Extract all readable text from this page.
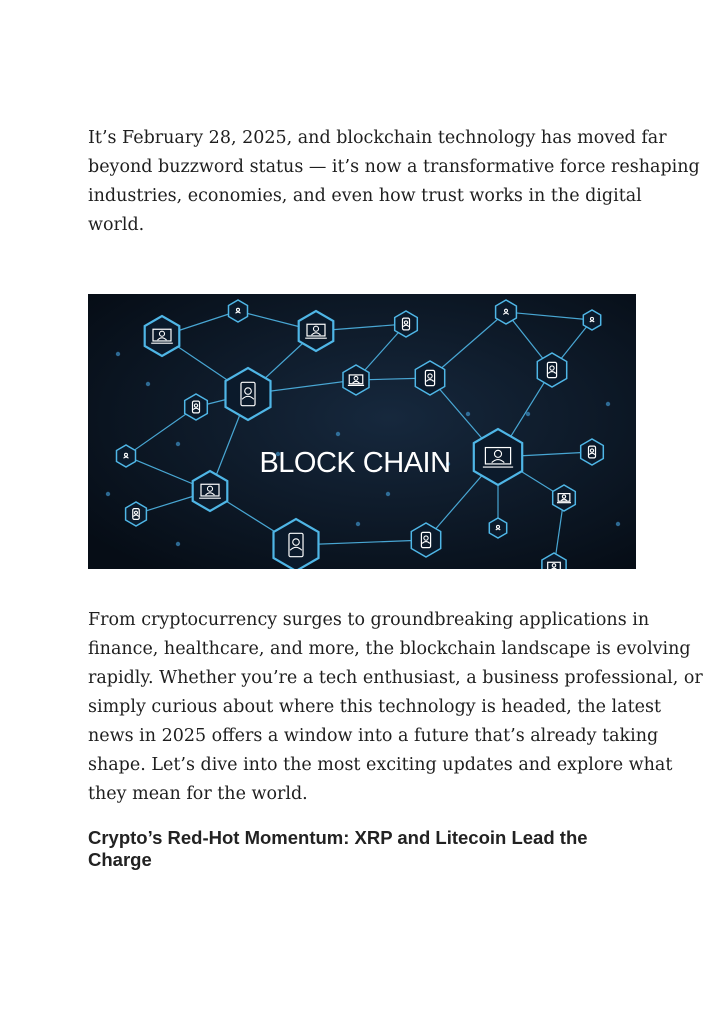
It’s February 28, 2025, and blockchain technology has moved far
beyond buzzword status — it’s now a transformative force reshaping
industries, economies, and even how trust works in the digital
world.

BLOCK CHAIN

From cryptocurrency surges to groundbreaking applications in
finance, healthcare, and more, the blockchain landscape is evolving
rapidly. Whether you’re a tech enthusiast, a business professional, or
simply curious about where this technology is headed, the latest
news in 2025 offers a window into a future that’s already taking
shape. Let’s dive into the most exciting updates and explore what
they mean for the world.

Crypto’s Red-Hot Momentum: XRP and Litecoin Lead the
Charge
